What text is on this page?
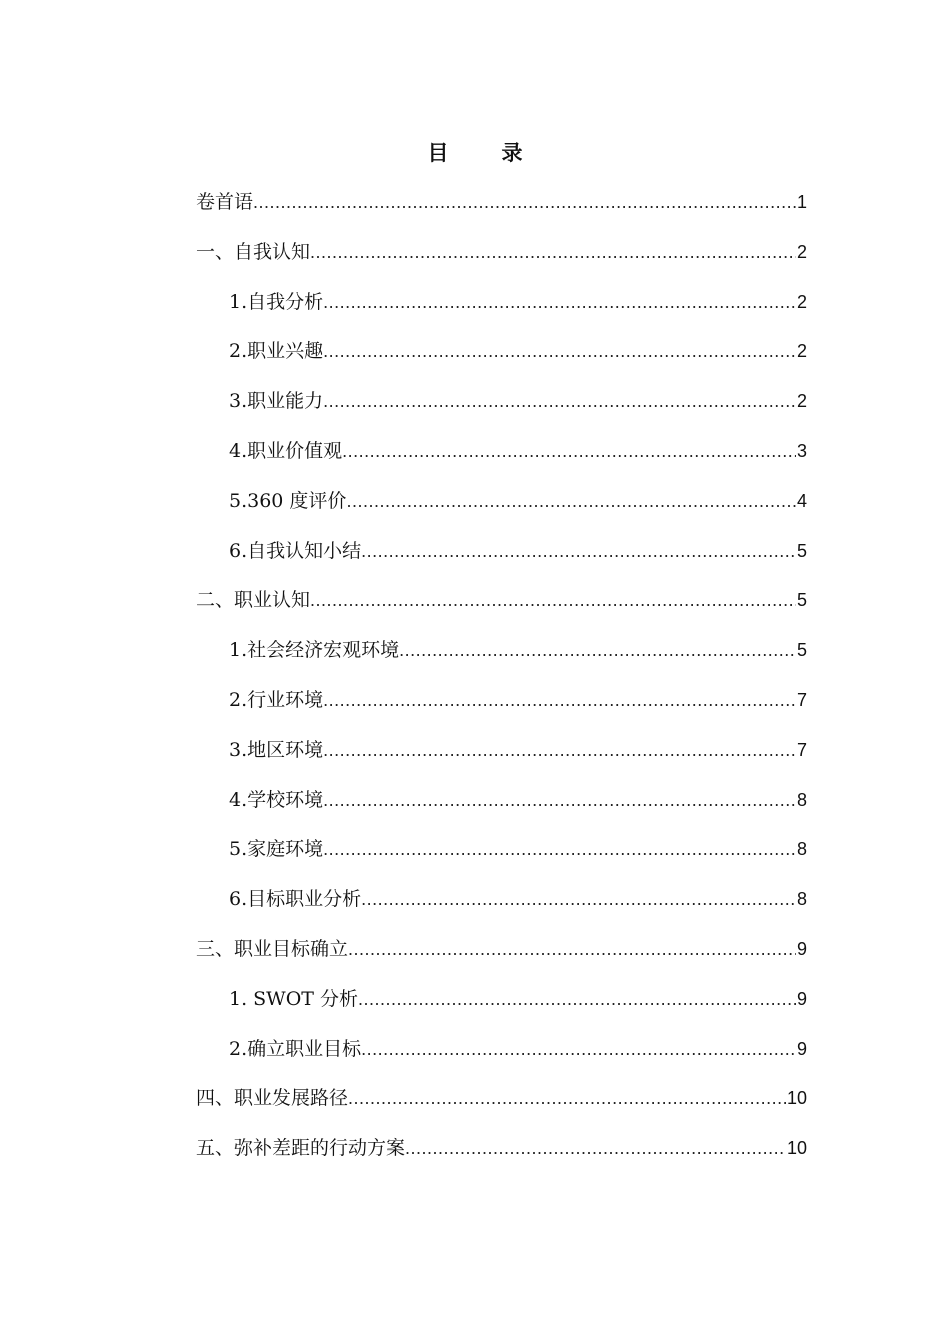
目　录
卷首语 .....	1
一、自我认知 .....	2
1.自我分析 .....	2
2.职业兴趣 .....	2
3.职业能力 .....	2
4.职业价值观 .....	3
5.360 度评价 .....	4
6.自我认知小结 .....	5
二、职业认知 .....	5
1.社会经济宏观环境 .....	5
2.行业环境 .....	7
3.地区环境 .....	7
4.学校环境 .....	8
5.家庭环境 .....	8
6.目标职业分析 .....	8
三、职业目标确立 .....	9
1. SWOT 分析 .....	9
2.确立职业目标 .....	9
四、职业发展路径 .....	10
五、弥补差距的行动方案 .....	10
